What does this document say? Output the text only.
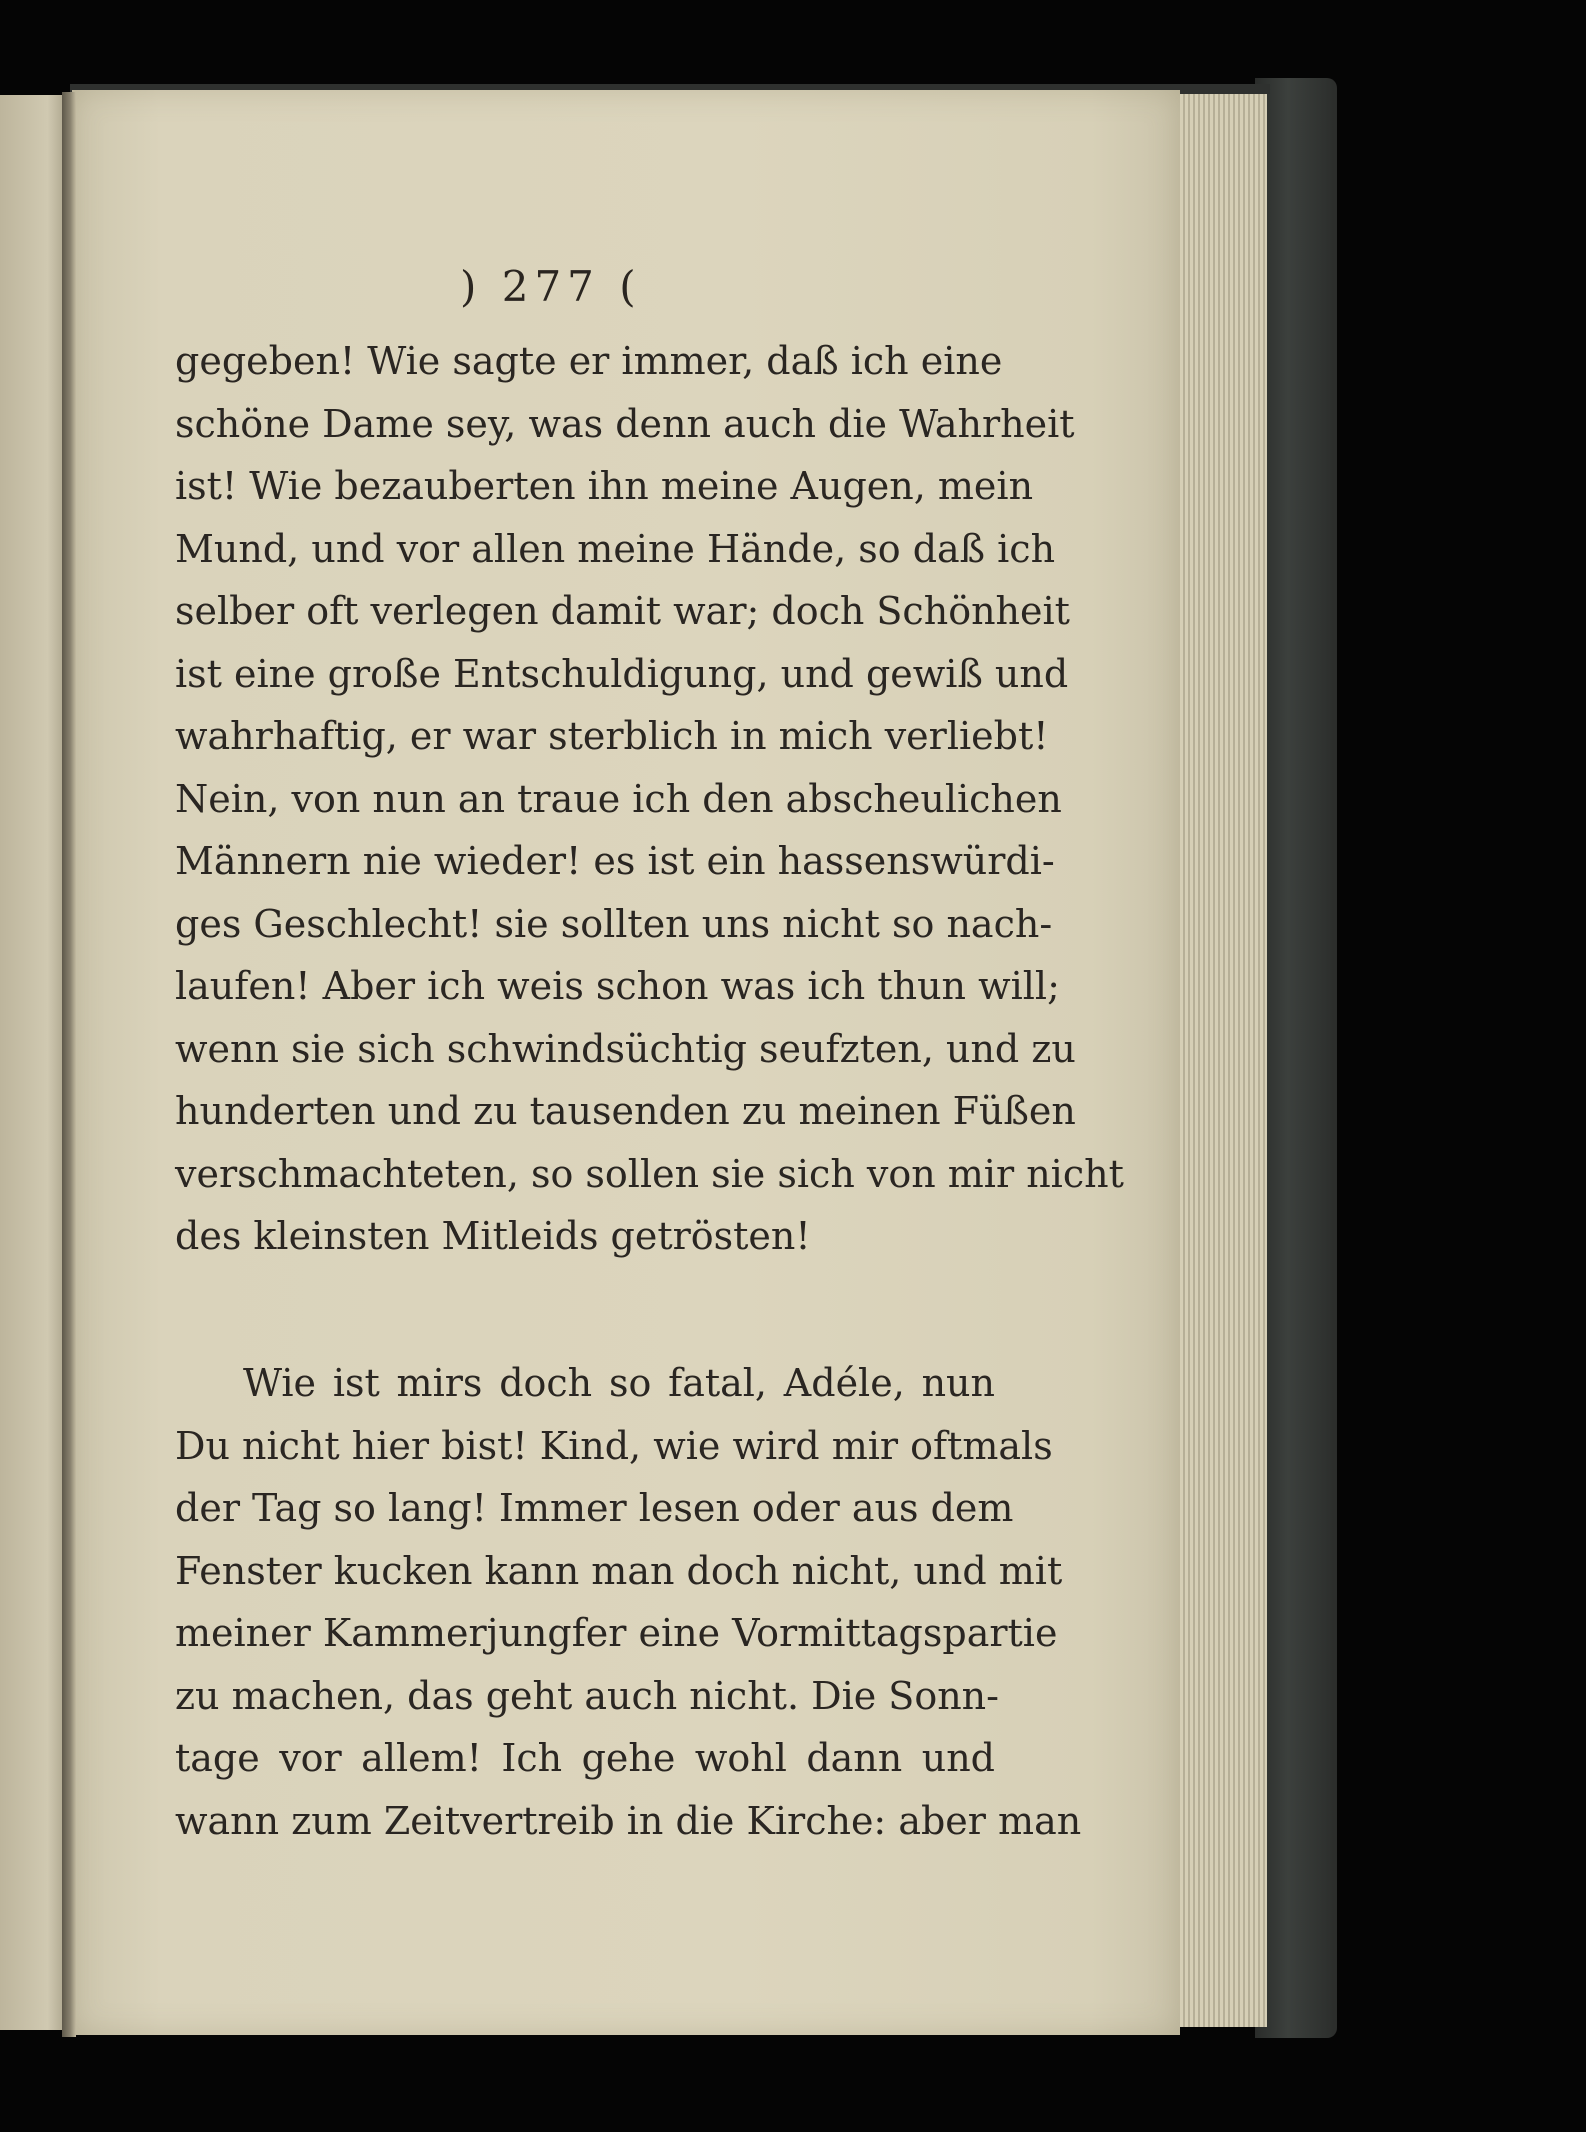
) 277 (
gegeben! Wie sagte er immer, daß ich eine
schöne Dame sey, was denn auch die Wahrheit
ist! Wie bezauberten ihn meine Augen, mein
Mund, und vor allen meine Hände, so daß ich
selber oft verlegen damit war; doch Schönheit
ist eine große Entschuldigung, und gewiß und
wahrhaftig, er war sterblich in mich verliebt!
Nein, von nun an traue ich den abscheulichen
Männern nie wieder! es ist ein hassenswürdi-
ges Geschlecht! sie sollten uns nicht so nach-
laufen! Aber ich weis schon was ich thun will;
wenn sie sich schwindsüchtig seufzten, und zu
hunderten und zu tausenden zu meinen Füßen
verschmachteten, so sollen sie sich von mir nicht
des kleinsten Mitleids getrösten!
Wie ist mirs doch so fatal, Adéle, nun
Du nicht hier bist! Kind, wie wird mir oftmals
der Tag so lang! Immer lesen oder aus dem
Fenster kucken kann man doch nicht, und mit
meiner Kammerjungfer eine Vormittagspartie
zu machen, das geht auch nicht. Die Sonn-
tage vor allem! Ich gehe wohl dann und
wann zum Zeitvertreib in die Kirche: aber man
